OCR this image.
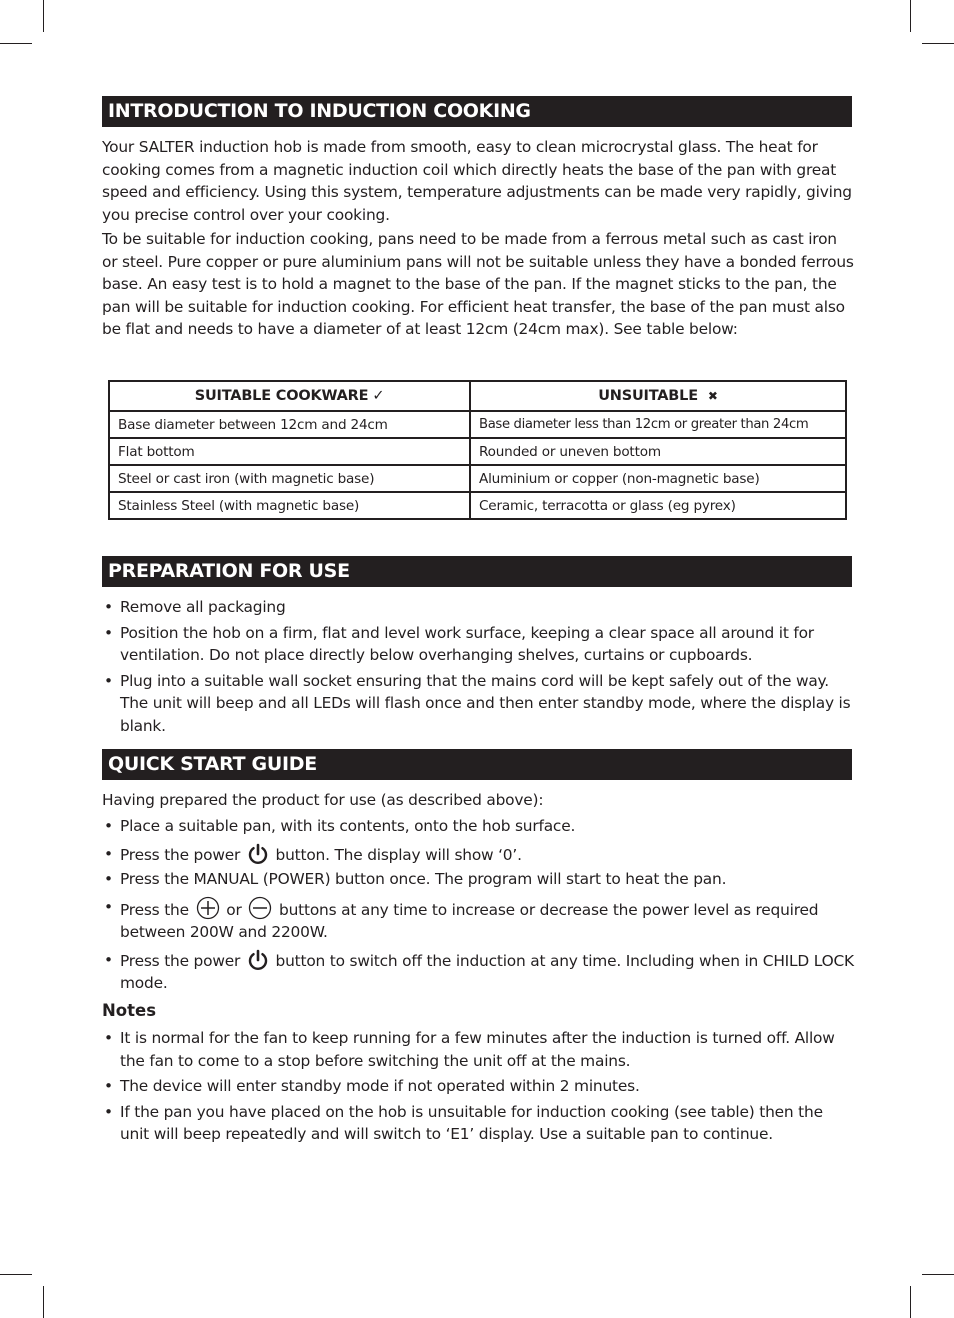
INTRODUCTION TO INDUCTION COOKING

Your SALTER induction hob is made from smooth, easy to clean microcrystal glass. The heat for cooking comes from a magnetic induction coil which directly heats the base of the pan with great speed and efficiency. Using this system, temperature adjustments can be made very rapidly, giving you precise control over your cooking.

To be suitable for induction cooking, pans need to be made from a ferrous metal such as cast iron or steel. Pure copper or pure aluminium pans will not be suitable unless they have a bonded ferrous base. An easy test is to hold a magnet to the base of the pan. If the magnet sticks to the pan, the pan will be suitable for induction cooking. For efficient heat transfer, the base of the pan must also be flat and needs to have a diameter of at least 12cm (24cm max). See table below:

SUITABLE COOKWARE ✓	UNSUITABLE ✖
Base diameter between 12cm and 24cm	Base diameter less than 12cm or greater than 24cm
Flat bottom	Rounded or uneven bottom
Steel or cast iron (with magnetic base)	Aluminium or copper (non-magnetic base)
Stainless Steel (with magnetic base)	Ceramic, terracotta or glass (eg pyrex)
PREPARATION FOR USE
• Remove all packaging
• Position the hob on a firm, flat and level work surface, keeping a clear space all around it for ventilation. Do not place directly below overhanging shelves, curtains or cupboards.
• Plug into a suitable wall socket ensuring that the mains cord will be kept safely out of the way. The unit will beep and all LEDs will flash once and then enter standby mode, where the display is blank.
QUICK START GUIDE

Having prepared the product for use (as described above):

• Place a suitable pan, with its contents, onto the hob surface.
• Press the power button. The display will show ‘0’.
• Press the MANUAL (POWER) button once. The program will start to heat the pan.
• Press the or buttons at any time to increase or decrease the power level as required between 200W and 2200W.
• Press the power button to switch off the induction at any time. Including when in CHILD LOCK mode.
Notes
• It is normal for the fan to keep running for a few minutes after the induction is turned off. Allow the fan to come to a stop before switching the unit off at the mains.
• The device will enter standby mode if not operated within 2 minutes.
• If the pan you have placed on the hob is unsuitable for induction cooking (see table) then the unit will beep repeatedly and will switch to ‘E1’ display. Use a suitable pan to continue.
